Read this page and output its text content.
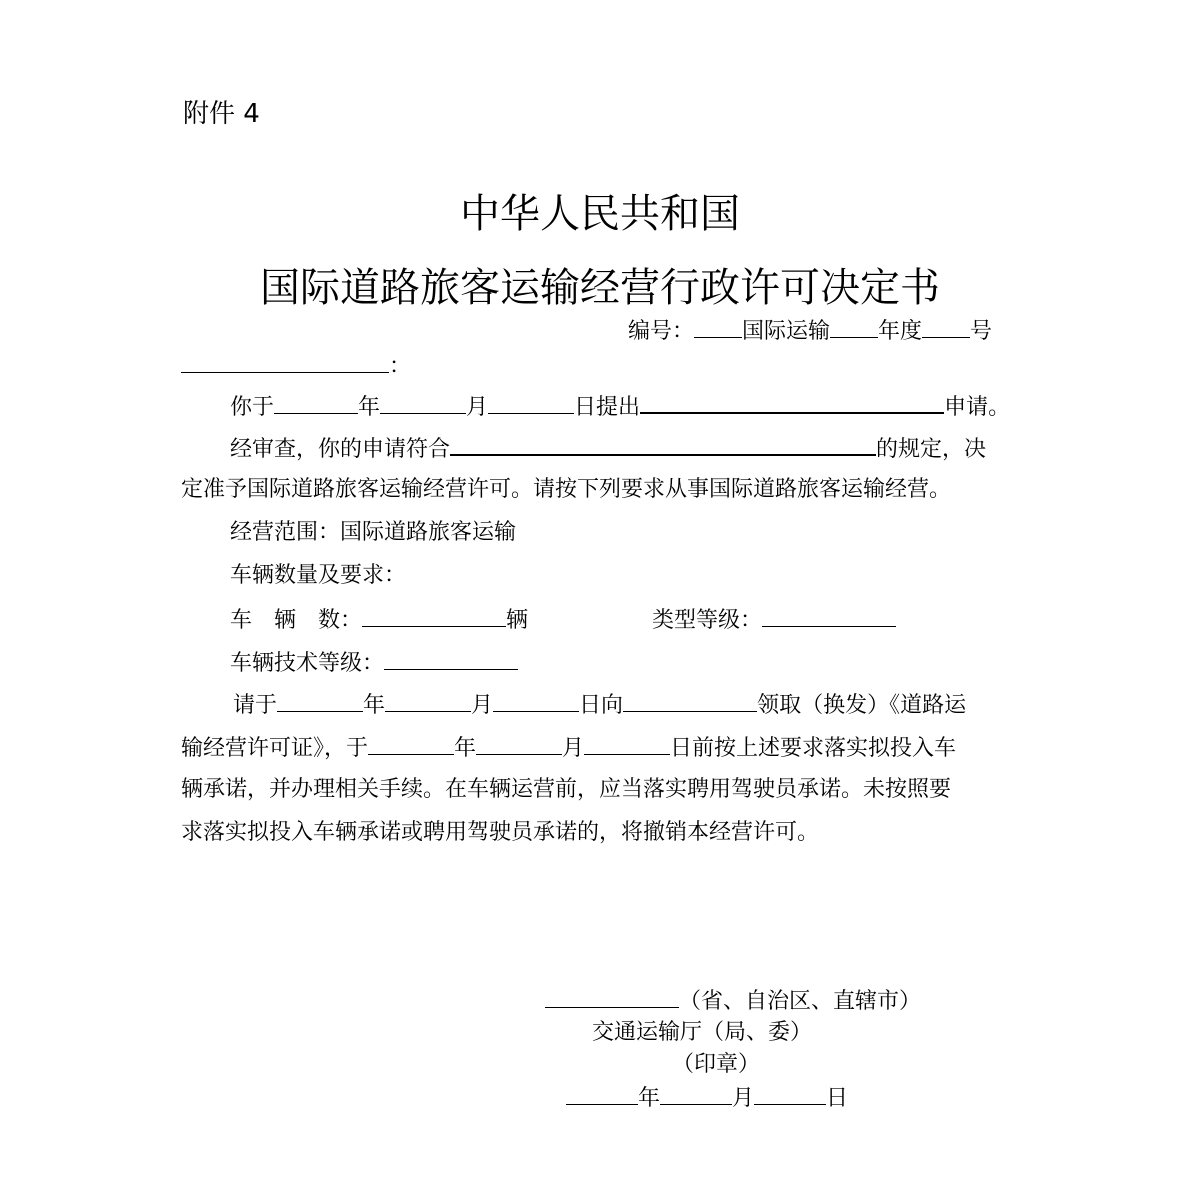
附件 4
中华人民共和国
国际道路旅客运输经营行政许可决定书
编号： 国际运输 年度 号
：
你于	年	月	日提出	申请。
经审查，你的申请符合	的规定，决
定准予国际道路旅客运输经营许可。请按下列要求从事国际道路旅客运输经营。
经营范围：国际道路旅客运输
车辆数量及要求：
车　辆　数：	辆	类型等级：
车辆技术等级：
请于	年	月	日向	领取（换发）《道路运
输经营许可证》，于	年	月	日前按上述要求落实拟投入车
辆承诺，并办理相关手续。在车辆运营前，应当落实聘用驾驶员承诺。未按照要
求落实拟投入车辆承诺或聘用驾驶员承诺的，将撤销本经营许可。
（省、自治区、直辖市）
交通运输厅（局、委）
（印章）
年	月	日
